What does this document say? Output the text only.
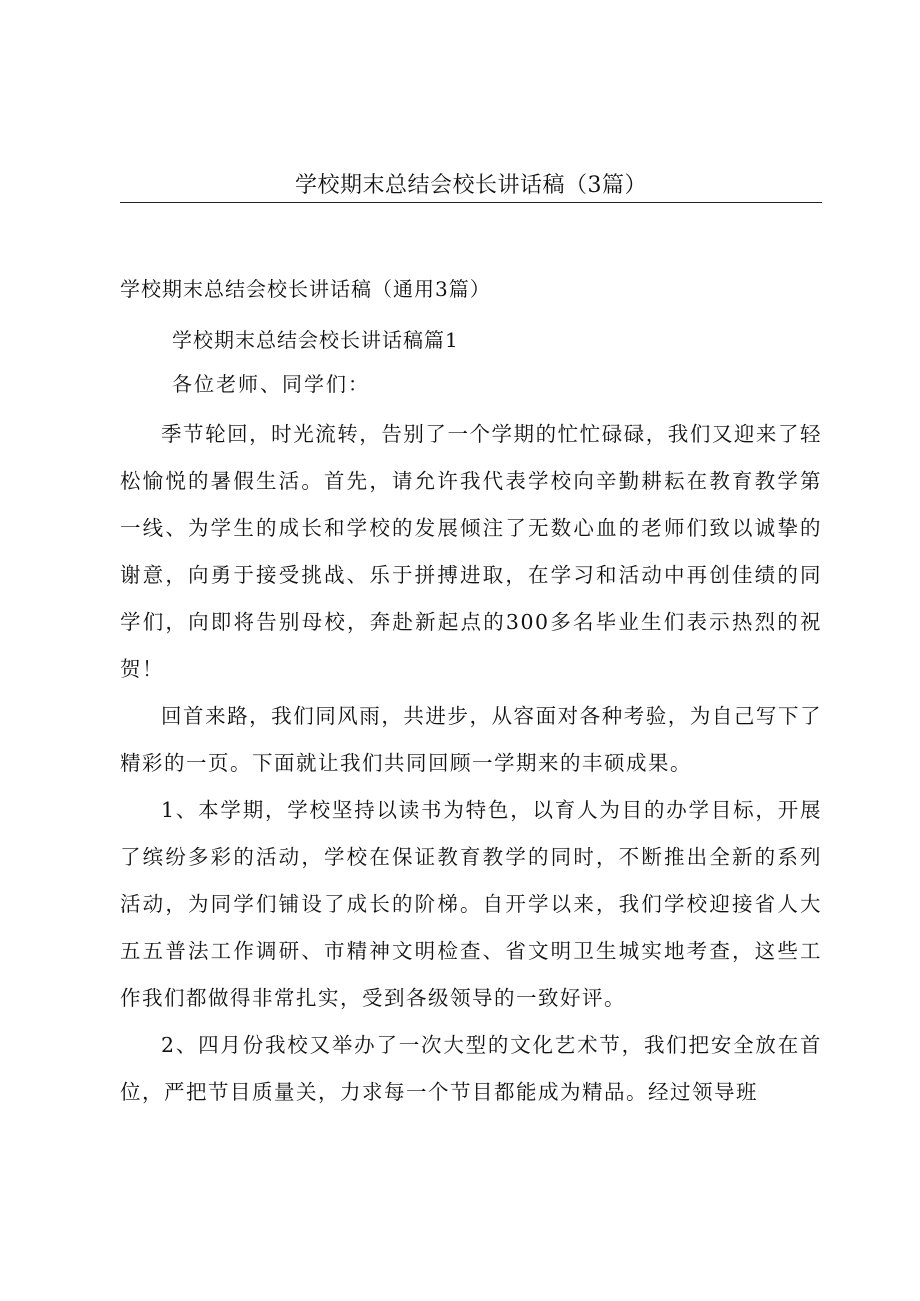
学校期末总结会校长讲话稿（3篇）
学校期末总结会校长讲话稿（通用3篇）
学校期末总结会校长讲话稿篇1
各位老师、同学们：

季节轮回，时光流转，告别了一个学期的忙忙碌碌，我们又迎来了轻松愉悦的暑假生活。首先，请允许我代表学校向辛勤耕耘在教育教学第一线、为学生的成长和学校的发展倾注了无数心血的老师们致以诚挚的谢意，向勇于接受挑战、乐于拼搏进取，在学习和活动中再创佳绩的同学们，向即将告别母校，奔赴新起点的300多名毕业生们表示热烈的祝贺！

回首来路，我们同风雨，共进步，从容面对各种考验，为自己写下了精彩的一页。下面就让我们共同回顾一学期来的丰硕成果。

1、本学期，学校坚持以读书为特色，以育人为目的办学目标，开展了缤纷多彩的活动，学校在保证教育教学的同时，不断推出全新的系列活动，为同学们铺设了成长的阶梯。自开学以来，我们学校迎接省人大五五普法工作调研、市精神文明检查、省文明卫生城实地考查，这些工作我们都做得非常扎实，受到各级领导的一致好评。

2、四月份我校又举办了一次大型的文化艺术节，我们把安全放在首位，严把节目质量关，力求每一个节目都能成为精品。经过领导班
